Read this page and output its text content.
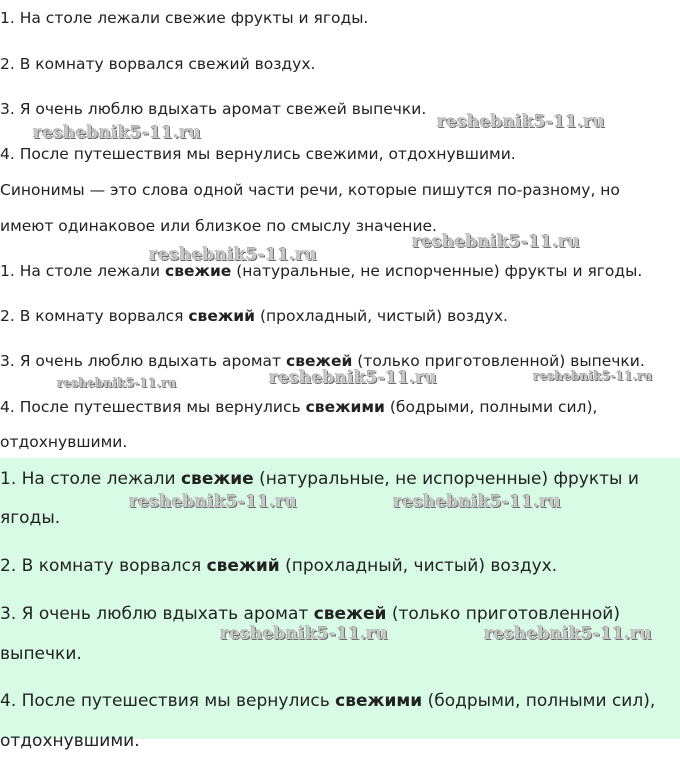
1. На столе лежали свежие фрукты и ягоды.
2. В комнату ворвался свежий воздух.
3. Я очень люблю вдыхать аромат свежей выпечки.
4. После путешествия мы вернулись свежими, отдохнувшими.
Синонимы — это слова одной части речи, которые пишутся по-разному, но
имеют одинаковое или близкое по смыслу значение.
1. На столе лежали свежие (натуральные, не испорченные) фрукты и ягоды.
2. В комнату ворвался свежий (прохладный, чистый) воздух.
3. Я очень люблю вдыхать аромат свежей (только приготовленной) выпечки.
4. После путешествия мы вернулись свежими (бодрыми, полными сил),
отдохнувшими.
1. На столе лежали свежие (натуральные, не испорченные) фрукты и
ягоды.
2. В комнату ворвался свежий (прохладный, чистый) воздух.
3. Я очень люблю вдыхать аромат свежей (только приготовленной)
выпечки.
4. После путешествия мы вернулись свежими (бодрыми, полными сил),
отдохнувшими.
reshebnik5-11.ru
reshebnik5-11.ru
reshebnik5-11.ru
reshebnik5-11.ru
reshebnik5-11.ru
reshebnik5-11.ru	reshebnik5-11.ru
reshebnik5-11.ru	reshebnik5-11.ru
reshebnik5-11.ru	reshebnik5-11.ru
